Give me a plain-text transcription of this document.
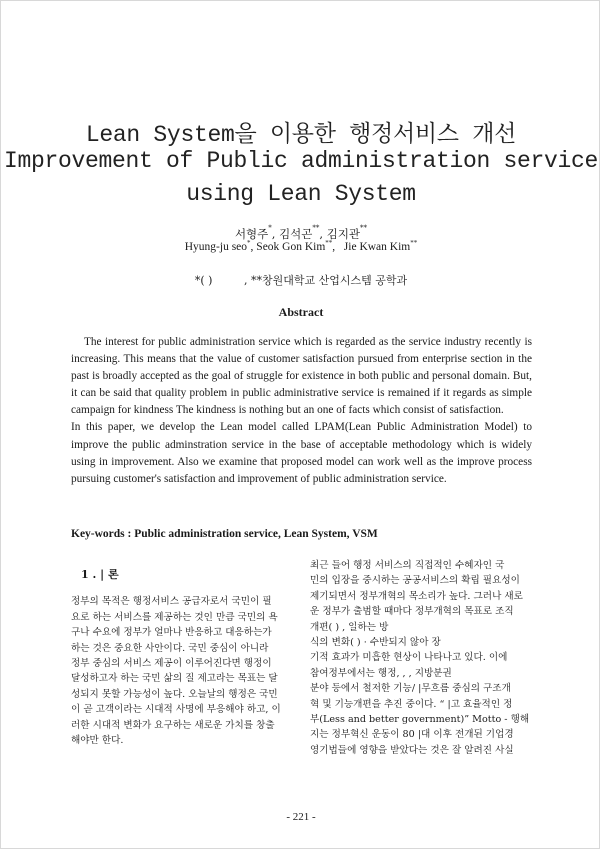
Lean System을 이용한 행정서비스 개선
Improvement of Public administration service
using Lean System
서형주*, 김석곤**, 김지관**
Hyung-ju seo*, Seok Gon Kim**,   Jie Kwan Kim**
*( )         , **창원대학교 산업시스템 공학과
Abstract

The interest for public administration service which is regarded as the service industry recently is increasing. This means that the value of customer satisfaction pursued from enterprise section in the past is broadly accepted as the goal of struggle for existence in both public and personal domain. But, it can be said that quality problem in public administrative service is remained if it regards as simple campaign for kindness The kindness is nothing but an one of facts which consist of satisfaction.

In this paper, we develop the Lean model called LPAM(Lean Public Administration Model) to improve the public adminstration service in the base of acceptable methodology which is widely using in improvement. Also we examine that proposed model can work well as the improve process pursuing customer's satisfaction and improvement of public administration service.

Key-words : Public administration service, Lean System, VSM
1 . | 론
정부의 목적은 행정서비스 공급자로서 국민이 필
요로 하는 서비스를 제공하는 것인 만큼 국민의 욕
구나 수요에 정부가 얼마나 반응하고 대응하는가
하는 것은 중요한 사안이다. 국민 중심이 아니라
정부 중심의 서비스 제공이 이루어진다면 행정이
달성하고자 하는 국민 삶의 질 제고라는 목표는 달
성되지 못할 가능성이 높다. 오늘날의 행정은 국민
이 곧 고객이라는 시대적 사명에 부응해야 하고, 이
러한 시대적 변화가 요구하는 새로운 가치를 창출
해야만 한다.
최근 들어 행정 서비스의 직접적인 수혜자인 국
민의 입장을 중시하는 공공서비스의 확립 필요성이
제기되면서 정부개혁의 목소리가 높다. 그러나 새로
운 정부가 출범할 때마다 정부개혁의 목표로 조직
개편( ) , 일하는 방
식의 변화( ) · 수반되지 않아 장
기적 효과가 미흡한 현상이 나타나고 있다. 이에
참여정부에서는 행정, , , 지방분권
분야 등에서 철저한 기능/ |무흐름 중심의 구조개
혁 및 기능개편을 추진 중이다. “ |고 효율적인 정
부(Less and better government)” Motto - 행해
지는 정부혁신 운동이 80 |대 이후 전개된 기업경
영기법들에 영향을 받았다는 것은 잘 알려진 사실
- 221 -
